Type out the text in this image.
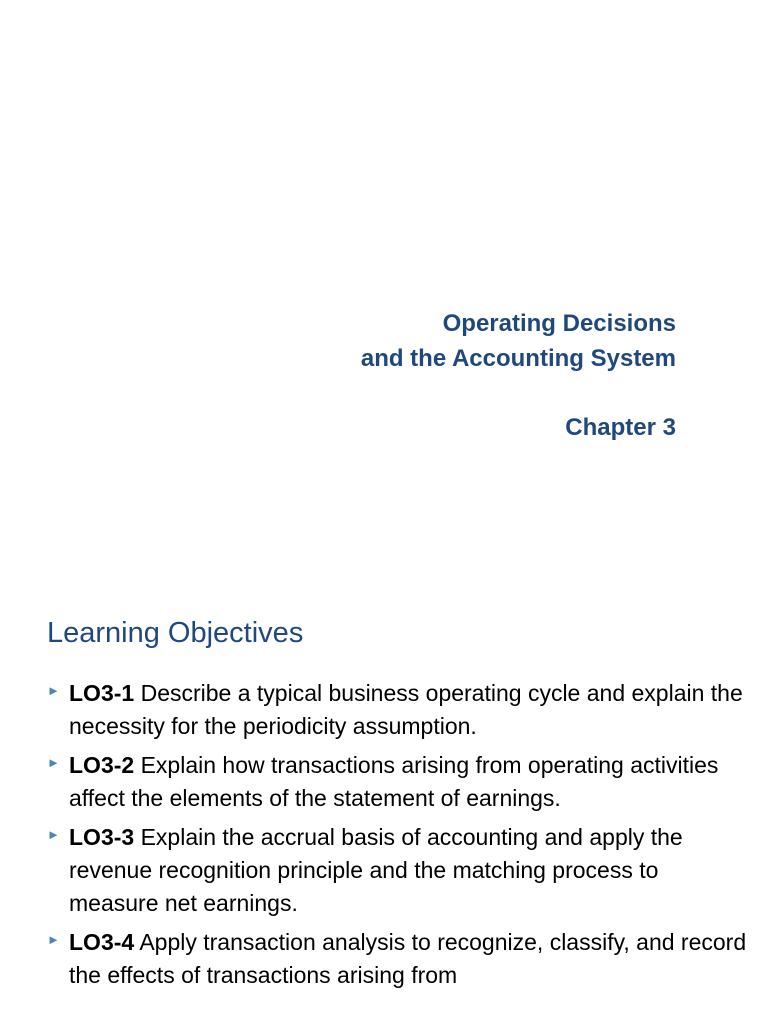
Operating Decisions
and the Accounting System
Chapter 3
Learning Objectives
► LO3-1 Describe a typical business operating cycle and explain the necessity for the periodicity assumption.
► LO3-2 Explain how transactions arising from operating activities affect the elements of the statement of earnings.
► LO3-3 Explain the accrual basis of accounting and apply the revenue recognition principle and the matching process to measure net earnings.
► LO3-4 Apply transaction analysis to recognize, classify, and record the effects of transactions arising from
